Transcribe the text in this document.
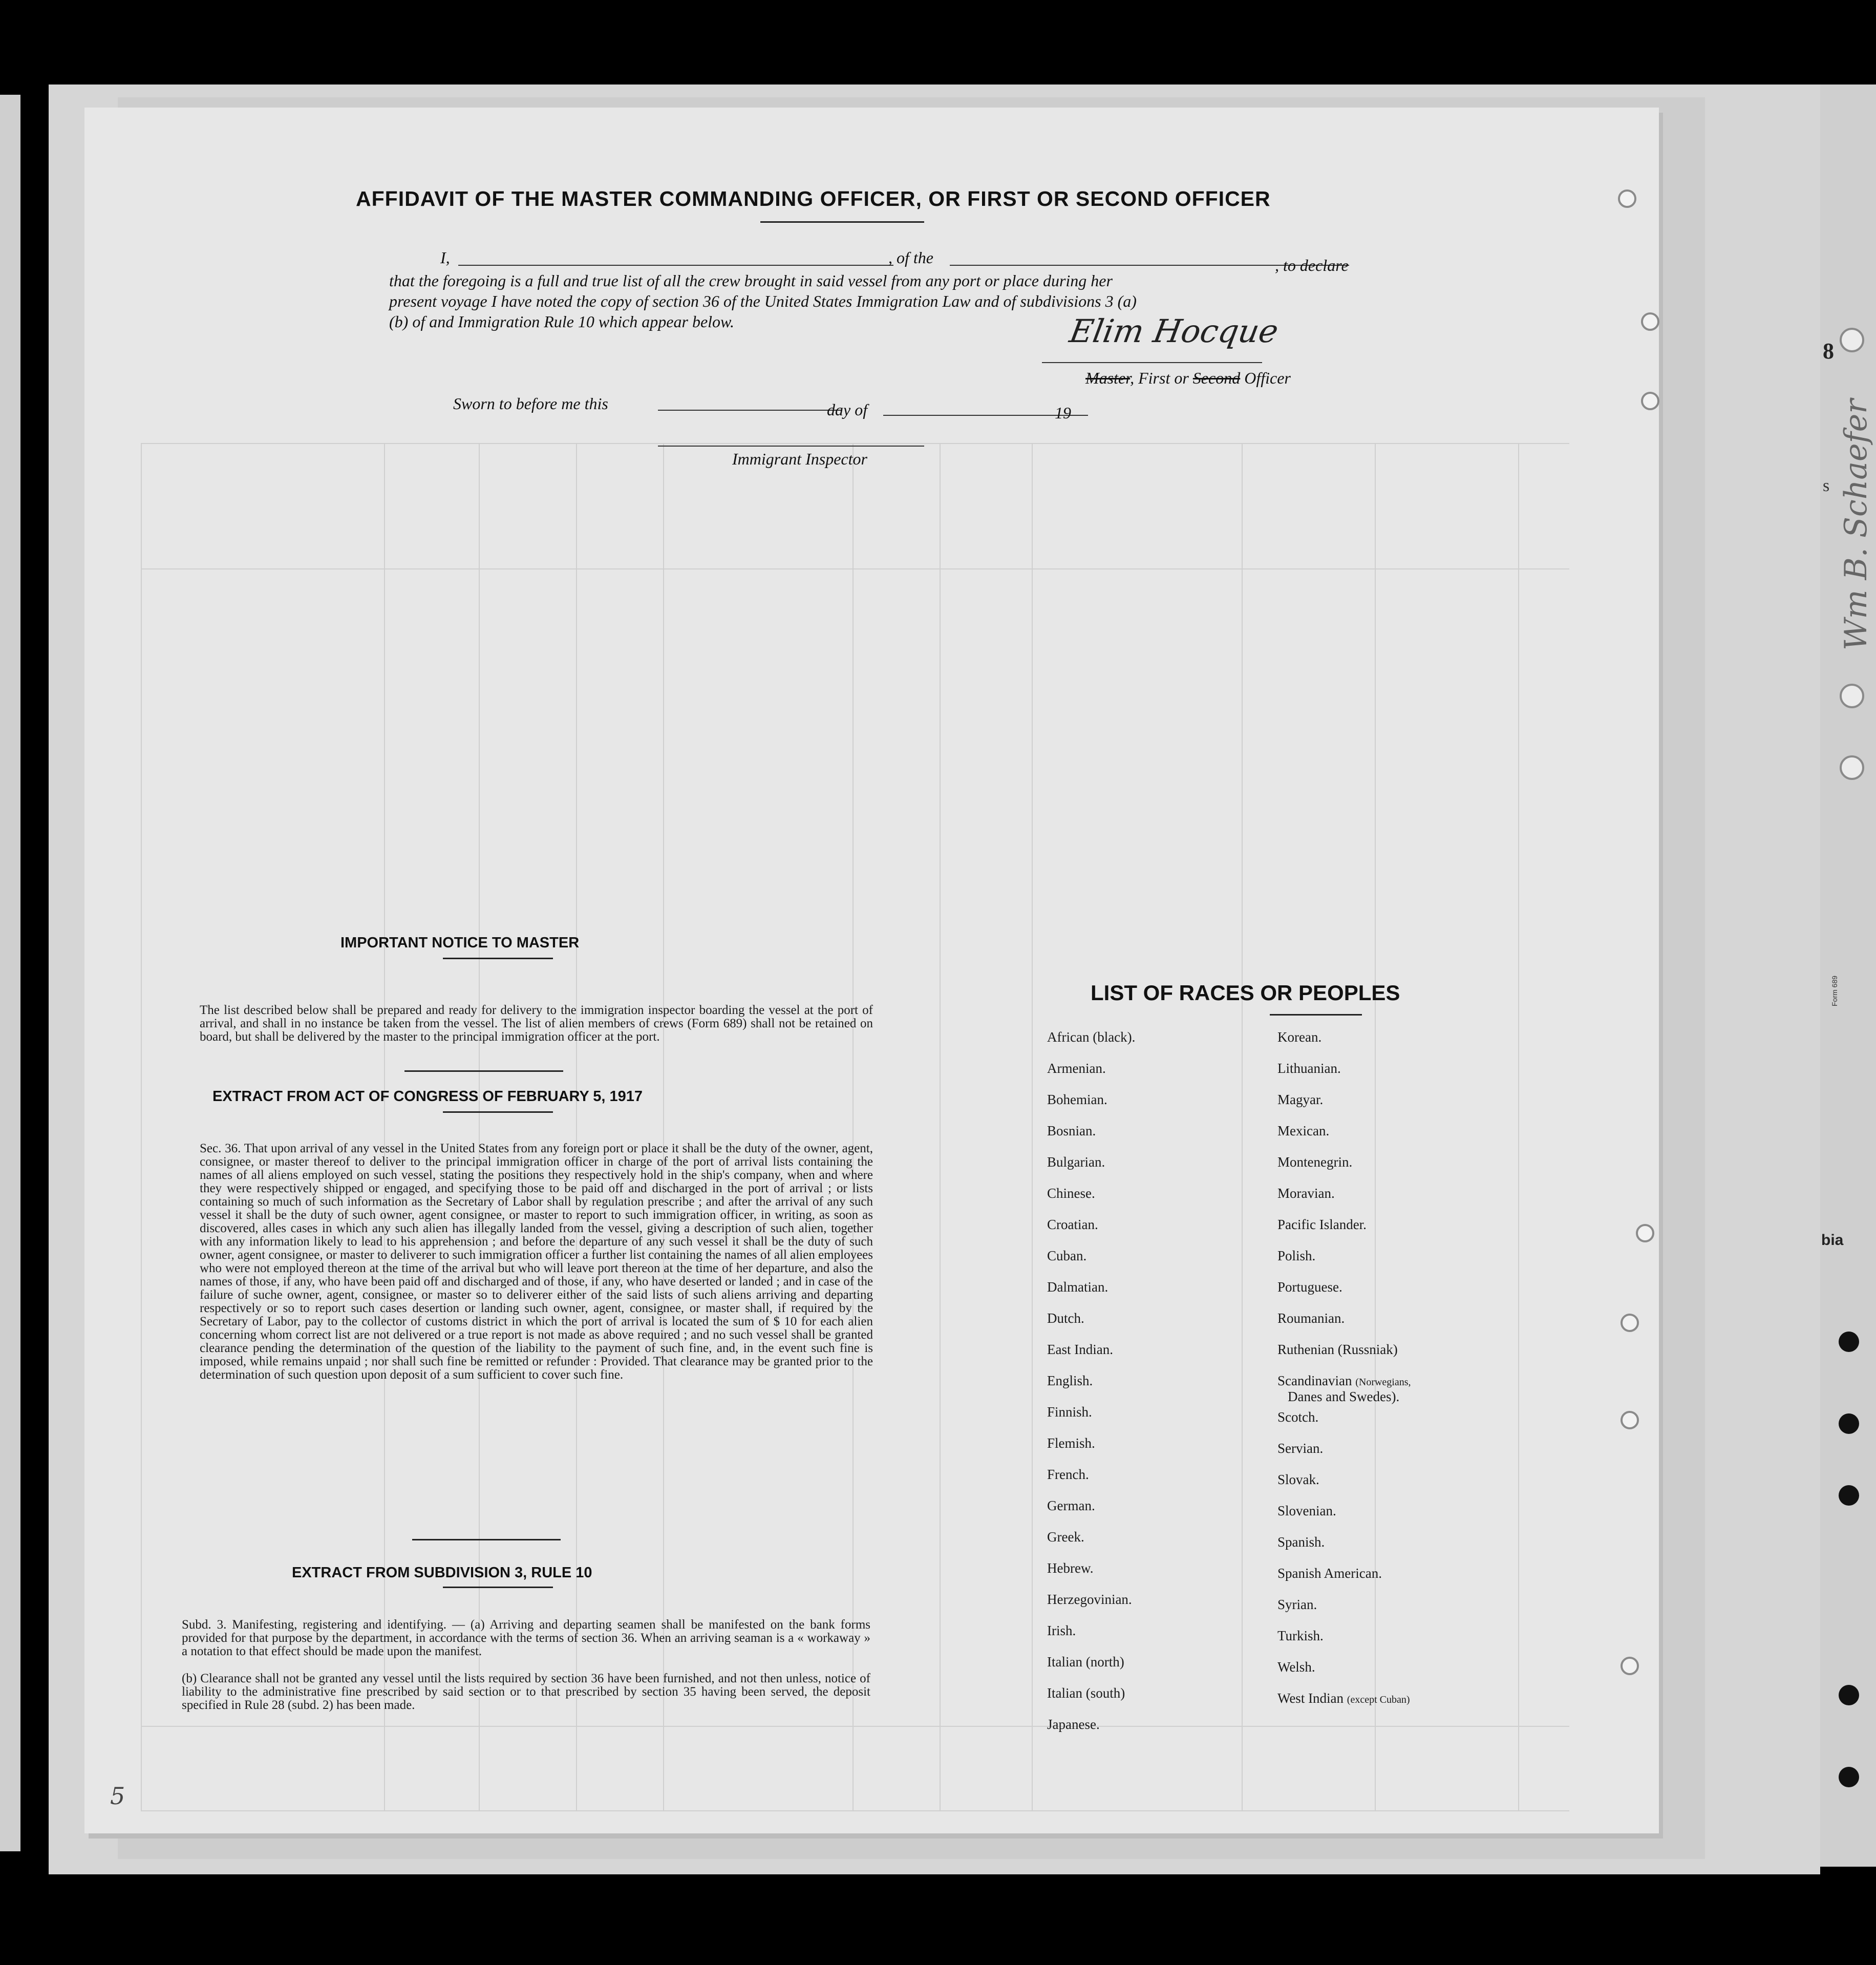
8
s
bia
Form 689
Wm B. Schaefer
AFFIDAVIT OF THE MASTER COMMANDING OFFICER, OR FIRST OR SECOND OFFICER
I,	, of the	, to declare
that the foregoing is a full and true list of all the crew brought in said vessel from any port or place during her
present voyage I have noted the copy of section 36 of the United States Immigration Law and of subdivisions 3 (a)
(b) of and Immigration Rule 10 which appear below.	Elim Hocque
Master, First or Second Officer
Sworn to before me this	day of	19
Immigrant Inspector
IMPORTANT NOTICE TO MASTER
The list described below shall be prepared and ready for delivery to the immigration inspector boarding the vessel at the port of arrival, and shall in no instance be taken from the vessel. The list of alien members of crews (Form 689) shall not be retained on board, but shall be delivered by the master to the principal immigration officer at the port.
EXTRACT FROM ACT OF CONGRESS OF FEBRUARY 5, 1917
Sec. 36. That upon arrival of any vessel in the United States from any foreign port or place it shall be the duty of the owner, agent, consignee, or master thereof to deliver to the principal immigration officer in charge of the port of arrival lists containing the names of all aliens employed on such vessel, stating the positions they respectively hold in the ship's company, when and where they were respectively shipped or engaged, and specifying those to be paid off and discharged in the port of arrival ; or lists containing so much of such information as the Secretary of Labor shall by regulation prescribe ; and after the arrival of any such vessel it shall be the duty of such owner, agent consignee, or master to report to such immigration officer, in writing, as soon as discovered, alles cases in which any such alien has illegally landed from the vessel, giving a description of such alien, together with any information likely to lead to his apprehension ; and before the departure of any such vessel it shall be the duty of such owner, agent consignee, or master to deliverer to such immigration officer a further list containing the names of all alien employees who were not employed thereon at the time of the arrival but who will leave port thereon at the time of her departure, and also the names of those, if any, who have been paid off and discharged and of those, if any, who have deserted or landed ; and in case of the failure of suche owner, agent, consignee, or master so to deliverer either of the said lists of such aliens arriving and departing respectively or so to report such cases desertion or landing such owner, agent, consignee, or master shall, if required by the Secretary of Labor, pay to the collector of customs district in which the port of arrival is located the sum of $ 10 for each alien concerning whom correct list are not delivered or a true report is not made as above required ; and no such vessel shall be granted clearance pending the determination of the question of the liability to the payment of such fine, and, in the event such fine is imposed, while remains unpaid ; nor shall such fine be remitted or refunder : Provided. That clearance may be granted prior to the determination of such question upon deposit of a sum sufficient to cover such fine.
EXTRACT FROM SUBDIVISION 3, RULE 10
Subd. 3. Manifesting, registering and identifying. — (a) Arriving and departing seamen shall be manifested on the bank forms provided for that purpose by the department, in accordance with the terms of section 36. When an arriving seaman is a « workaway » a notation to that effect should be made upon the manifest.
(b) Clearance shall not be granted any vessel until the lists required by section 36 have been furnished, and not then unless, notice of liability to the administrative fine prescribed by said section or to that prescribed by section 35 having been served, the deposit specified in Rule 28 (subd. 2) has been made.
LIST OF RACES OR PEOPLES
African (black).
Armenian.
Bohemian.
Bosnian.
Bulgarian.
Chinese.
Croatian.
Cuban.
Dalmatian.
Dutch.
East Indian.
English.
Finnish.
Flemish.
French.
German.
Greek.
Hebrew.
Herzegovinian.
Irish.
Italian (north)
Italian (south)
Japanese.
Korean.
Lithuanian.
Magyar.
Mexican.
Montenegrin.
Moravian.
Pacific Islander.
Polish.
Portuguese.
Roumanian.
Ruthenian (Russniak)
Scandinavian (Norwegians,
Danes and Swedes).
Scotch.
Servian.
Slovak.
Slovenian.
Spanish.
Spanish American.
Syrian.
Turkish.
Welsh.
West Indian (except Cuban)
5
